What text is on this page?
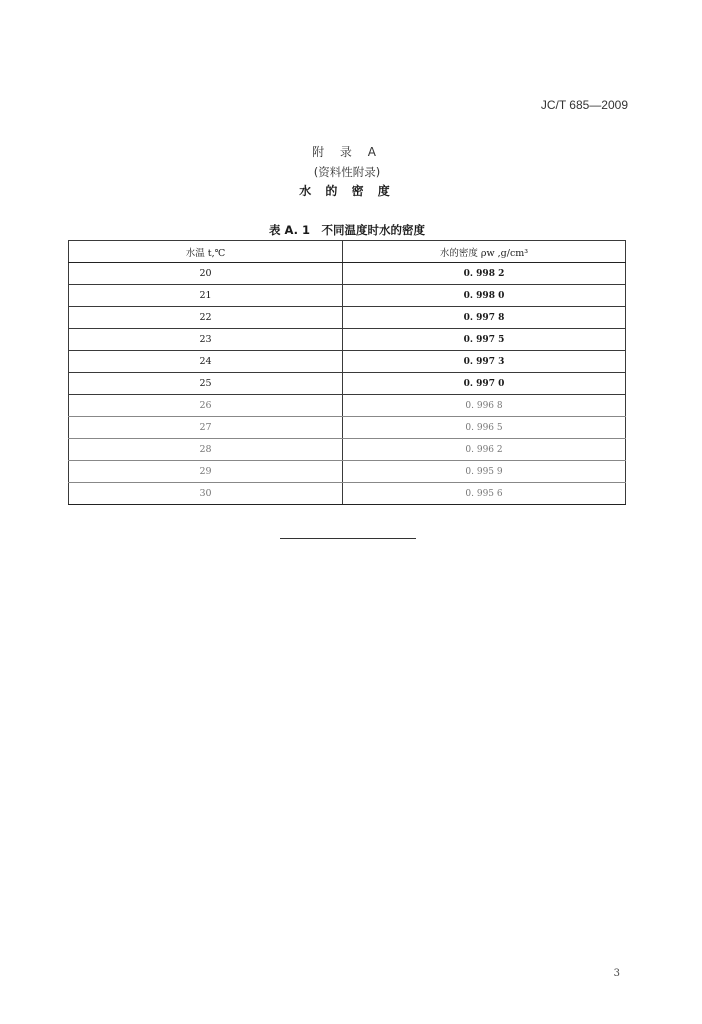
JC/T 685—2009
附 录 A
(资料性附录)
水 的 密 度
表 A. 1　不同温度时水的密度
水温 t,℃	水的密度 ρw ,g/cm³
20	0. 998 2
21	0. 998 0
22	0. 997 8
23	0. 997 5
24	0. 997 3
25	0. 997 0
26	0. 996 8
27	0. 996 5
28	0. 996 2
29	0. 995 9
30	0. 995 6
3
